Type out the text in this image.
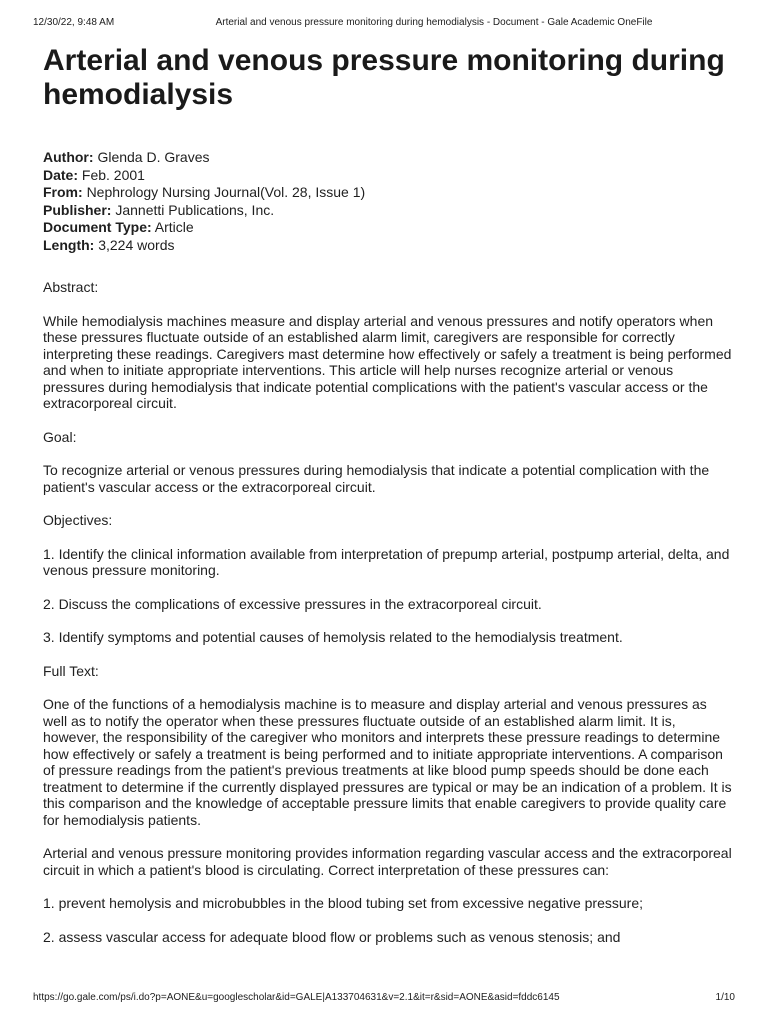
12/30/22, 9:48 AM	Arterial and venous pressure monitoring during hemodialysis - Document - Gale Academic OneFile
Arterial and venous pressure monitoring during hemodialysis
Author: Glenda D. Graves
Date: Feb. 2001
From: Nephrology Nursing Journal(Vol. 28, Issue 1)
Publisher: Jannetti Publications, Inc.
Document Type: Article
Length: 3,224 words

Abstract:

While hemodialysis machines measure and display arterial and venous pressures and notify operators when these pressures fluctuate outside of an established alarm limit, caregivers are responsible for correctly interpreting these readings. Caregivers mast determine how effectively or safely a treatment is being performed and when to initiate appropriate interventions. This article will help nurses recognize arterial or venous pressures during hemodialysis that indicate potential complications with the patient's vascular access or the extracorporeal circuit.

Goal:

To recognize arterial or venous pressures during hemodialysis that indicate a potential complication with the patient's vascular access or the extracorporeal circuit.

Objectives:

1. Identify the clinical information available from interpretation of prepump arterial, postpump arterial, delta, and venous pressure monitoring.

2. Discuss the complications of excessive pressures in the extracorporeal circuit.

3. Identify symptoms and potential causes of hemolysis related to the hemodialysis treatment.

Full Text:

One of the functions of a hemodialysis machine is to measure and display arterial and venous pressures as well as to notify the operator when these pressures fluctuate outside of an established alarm limit. It is, however, the responsibility of the caregiver who monitors and interprets these pressure readings to determine how effectively or safely a treatment is being performed and to initiate appropriate interventions. A comparison of pressure readings from the patient's previous treatments at like blood pump speeds should be done each treatment to determine if the currently displayed pressures are typical or may be an indication of a problem. It is this comparison and the knowledge of acceptable pressure limits that enable caregivers to provide quality care for hemodialysis patients.

Arterial and venous pressure monitoring provides information regarding vascular access and the extracorporeal circuit in which a patient's blood is circulating. Correct interpretation of these pressures can:

1. prevent hemolysis and microbubbles in the blood tubing set from excessive negative pressure;

2. assess vascular access for adequate blood flow or problems such as venous stenosis; and

https://go.gale.com/ps/i.do?p=AONE&u=googlescholar&id=GALE|A133704631&v=2.1&it=r&sid=AONE&asid=fddc6145	1/10
